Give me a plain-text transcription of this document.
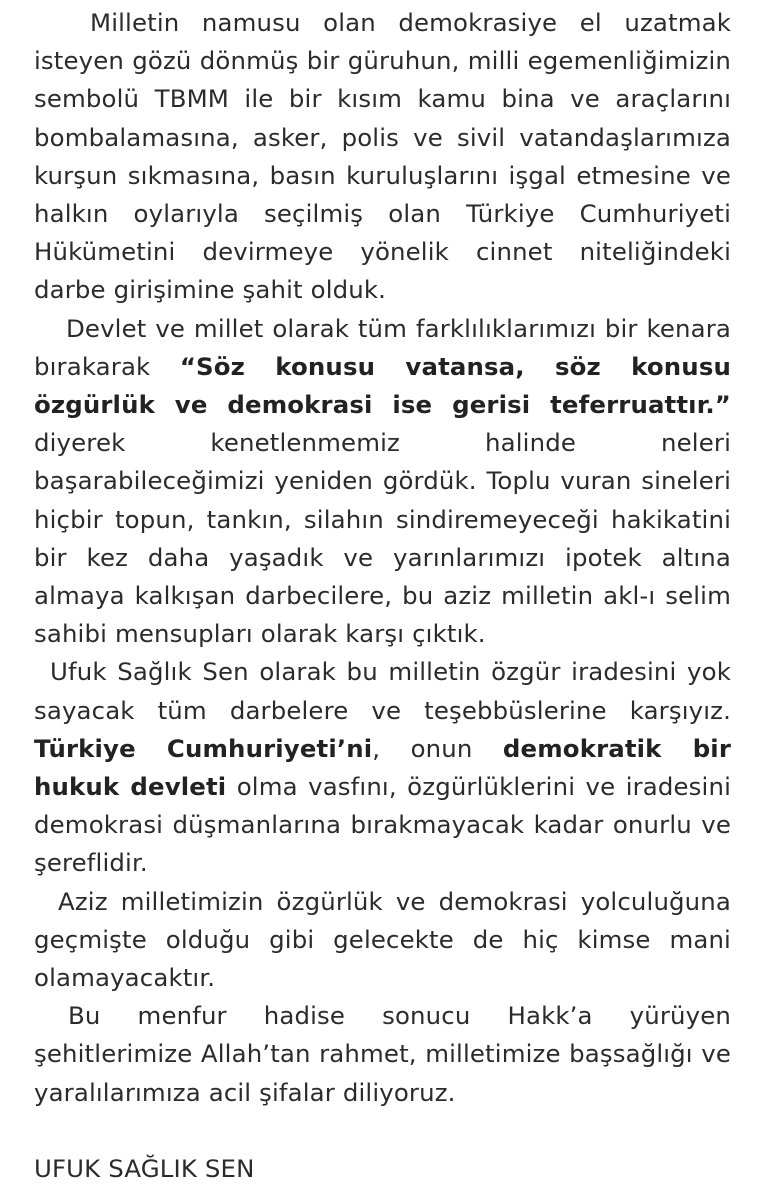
Milletin namusu olan demokrasiye el uzatmak isteyen gözü dönmüş bir güruhun, milli egemenliğimizin sembolü TBMM ile bir kısım kamu bina ve araçlarını bombalamasına, asker, polis ve sivil vatandaşlarımıza kurşun sıkmasına, basın kuruluşlarını işgal etmesine ve halkın oylarıyla seçilmiş olan Türkiye Cumhuriyeti Hükümetini devirmeye yönelik cinnet niteliğindeki darbe girişimine şahit olduk.

Devlet ve millet olarak tüm farklılıklarımızı bir kenara bırakarak “Söz konusu vatansa, söz konusu özgürlük ve demokrasi ise gerisi teferruattır.” diyerek kenetlenmemiz halinde neleri başarabileceğimizi yeniden gördük. Toplu vuran sineleri hiçbir topun, tankın, silahın sindiremeyeceği hakikatini bir kez daha yaşadık ve yarınlarımızı ipotek altına almaya kalkışan darbecilere, bu aziz milletin akl-ı selim sahibi mensupları olarak karşı çıktık.

Ufuk Sağlık Sen olarak bu milletin özgür iradesini yok sayacak tüm darbelere ve teşebbüslerine karşıyız. Türkiye Cumhuriyeti’ni, onun demokratik bir hukuk devleti olma vasfını, özgürlüklerini ve iradesini demokrasi düşmanlarına bırakmayacak kadar onurlu ve şereflidir.

Aziz milletimizin özgürlük ve demokrasi yolculuğuna geçmişte olduğu gibi gelecekte de hiç kimse mani olamayacaktır.

Bu menfur hadise sonucu Hakk’a yürüyen şehitlerimize Allah’tan rahmet, milletimize başsağlığı ve yaralılarımıza acil şifalar diliyoruz.

UFUK SAĞLIK SEN
